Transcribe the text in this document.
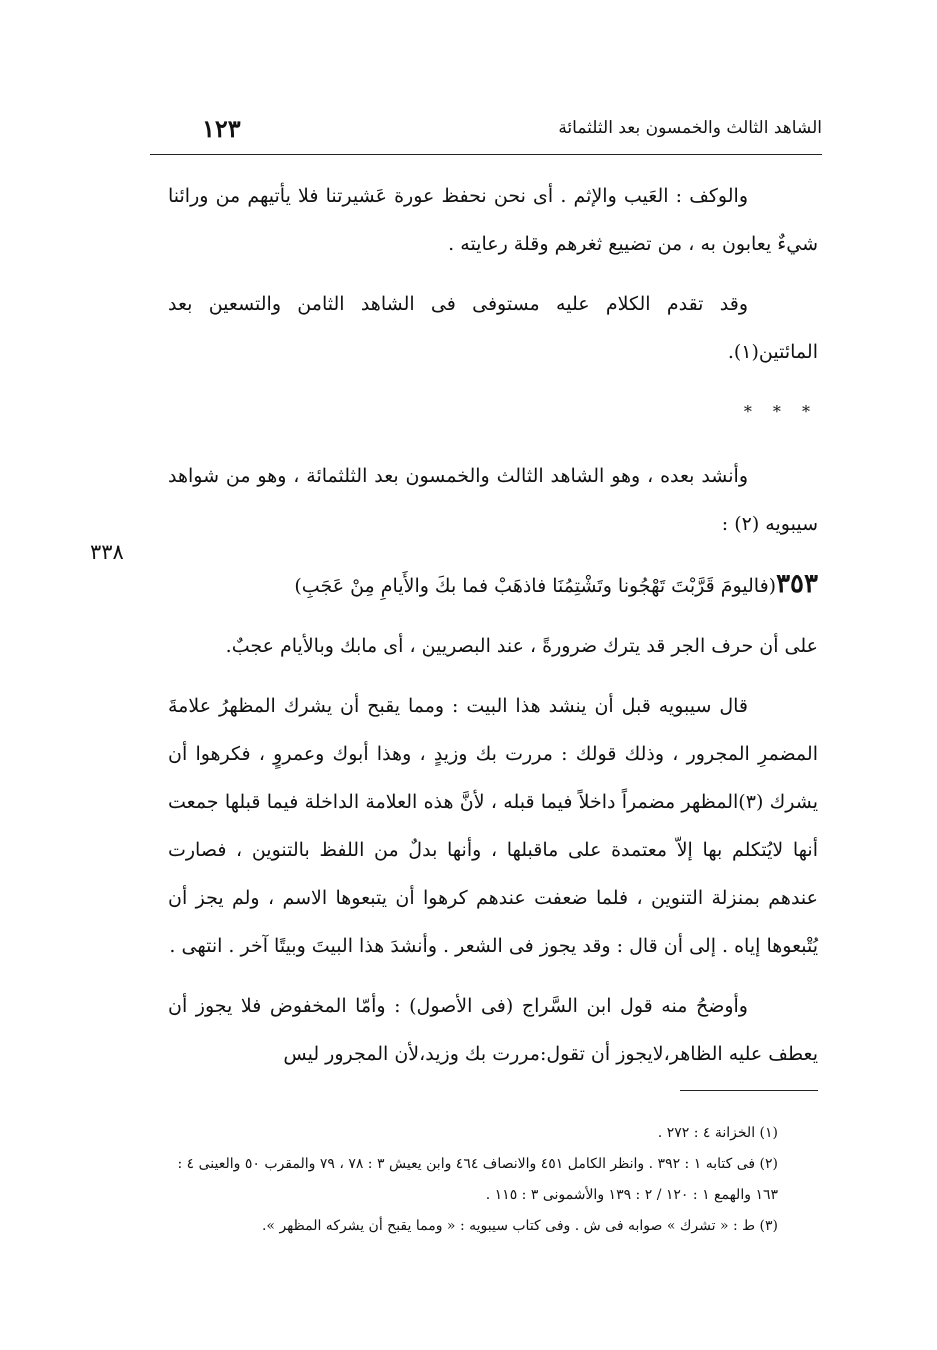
الشاهد الثالث والخمسون بعد الثلثمائة
١٢٣

والوكف : العَيب والإثم . أى نحن نحفظ عورة عَشيرتنا فلا يأتيهم من ورائنا شيءٌ يعابون به ، من تضييع ثغرهم وقلة رعايته .

وقد تقدم الكلام عليه مستوفى فى الشاهد الثامن والتسعين بعد المائتين(١).

* * *

وأنشد بعده ، وهو الشاهد الثالث والخمسون بعد الثلثمائة ، وهو من شواهد سيبويه (٢) :

٣٥٣(فاليومَ قَرَّبْتَ تَهْجُونا وتَشْتِمُنَا فاذهَبْ فما بكَ والأَيامِ مِنْ عَجَبِ)

على أن حرف الجر قد يترك ضرورةً ، عند البصريين ، أى مابك وبالأيام عجبٌ.

قال سيبويه قبل أن ينشد هذا البيت : ومما يقبح أن يشرك المظهرُ علامةَ المضمرِ المجرور ، وذلك قولك : مررت بك وزيدٍ ، وهذا أبوك وعمروٍ ، فكرهوا أن يشرك (٣)المظهر مضمراً داخلاً فيما قبله ، لأنَّ هذه العلامة الداخلة فيما قبلها جمعت أنها لايُتكلم بها إلاّ معتمدة على ماقبلها ، وأنها بدلٌ من اللفظ بالتنوين ، فصارت عندهم بمنزلة التنوين ، فلما ضعفت عندهم كرهوا أن يتبعوها الاسم ، ولم يجز أن يُتْبعوها إياه . إلى أن قال : وقد يجوز فى الشعر . وأنشدَ هذا البيتَ وبيتًا آخر . انتهى .

وأوضحُ منه قول ابن السَّراج (فى الأصول) : وأمّا المخفوض فلا يجوز أن يعطف عليه الظاهر،لايجوز أن تقول:مررت بك وزيد،لأن المجرور ليس

٣٣٨
(١) الخزانة ٤ : ٢٧٢ .
(٢) فى كتابه ١ : ٣٩٢ . وانظر الكامل ٤٥١ والانصاف ٤٦٤ وابن يعيش ٣ : ٧٨ ، ٧٩ والمقرب ٥٠ والعينى ٤ : ١٦٣ والهمع ١ : ١٢٠ / ٢ : ١٣٩ والأشمونى ٣ : ١١٥ .
(٣) ط : « تشرك » صوابه فى ش . وفى كتاب سيبويه : « ومما يقبح أن يشركه المظهر ».
